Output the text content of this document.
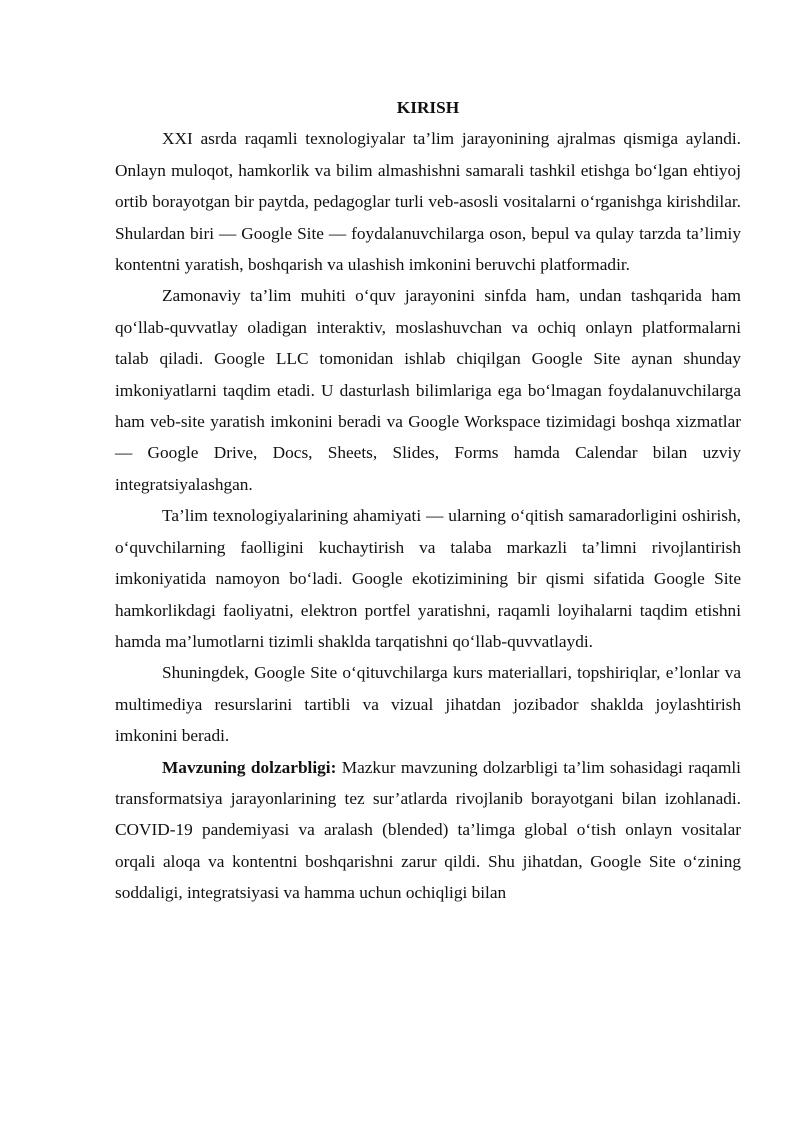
KIRISH

XXI asrda raqamli texnologiyalar ta’lim jarayonining ajralmas qismiga aylandi. Onlayn muloqot, hamkorlik va bilim almashishni samarali tashkil etishga bo‘lgan ehtiyoj ortib borayotgan bir paytda, pedagoglar turli veb-asosli vositalarni o‘rganishga kirishdilar. Shulardan biri — Google Site — foydalanuvchilarga oson, bepul va qulay tarzda ta’limiy kontentni yaratish, boshqarish va ulashish imkonini beruvchi platformadir.

Zamonaviy ta’lim muhiti o‘quv jarayonini sinfda ham, undan tashqarida ham qo‘llab-quvvatlay oladigan interaktiv, moslashuvchan va ochiq onlayn platformalarni talab qiladi. Google LLC tomonidan ishlab chiqilgan Google Site aynan shunday imkoniyatlarni taqdim etadi. U dasturlash bilimlariga ega bo‘lmagan foydalanuvchilarga ham veb-site yaratish imkonini beradi va Google Workspace tizimidagi boshqa xizmatlar — Google Drive, Docs, Sheets, Slides, Forms hamda Calendar bilan uzviy integratsiyalashgan.

Ta’lim texnologiyalarining ahamiyati — ularning o‘qitish samaradorligini oshirish, o‘quvchilarning faolligini kuchaytirish va talaba markazli ta’limni rivojlantirish imkoniyatida namoyon bo‘ladi. Google ekotizimining bir qismi sifatida Google Site hamkorlikdagi faoliyatni, elektron portfel yaratishni, raqamli loyihalarni taqdim etishni hamda ma’lumotlarni tizimli shaklda tarqatishni qo‘llab-quvvatlaydi.

Shuningdek, Google Site o‘qituvchilarga kurs materiallari, topshiriqlar, e’lonlar va multimediya resurslarini tartibli va vizual jihatdan jozibador shaklda joylashtirish imkonini beradi.

Mavzuning dolzarbligi: Mazkur mavzuning dolzarbligi ta’lim sohasidagi raqamli transformatsiya jarayonlarining tez sur’atlarda rivojlanib borayotgani bilan izohlanadi. COVID-19 pandemiyasi va aralash (blended) ta’limga global o‘tish onlayn vositalar orqali aloqa va kontentni boshqarishni zarur qildi. Shu jihatdan, Google Site o‘zining soddaligi, integratsiyasi va hamma uchun ochiqligi bilan
